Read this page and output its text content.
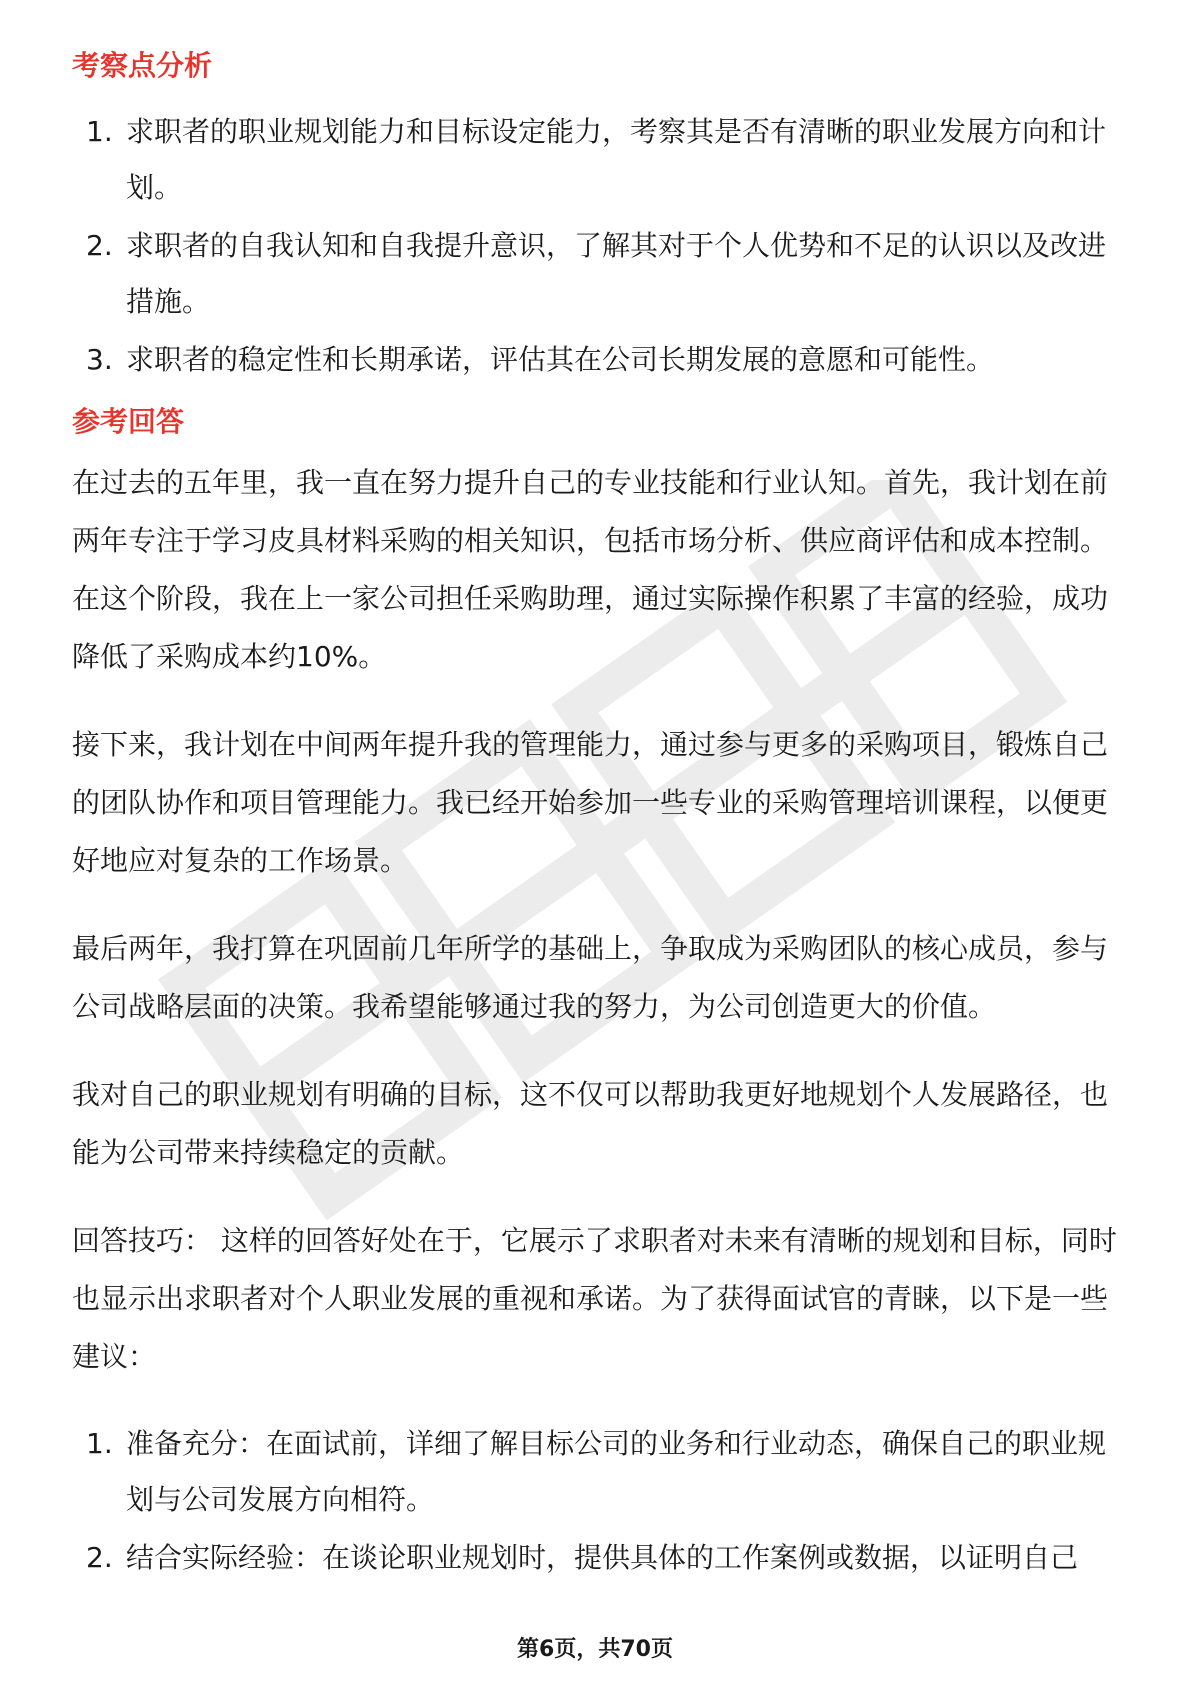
考察点分析
1. 求职者的职业规划能力和目标设定能力，考察其是否有清晰的职业发展方向和计划。
2. 求职者的自我认知和自我提升意识，了解其对于个人优势和不足的认识以及改进措施。
3. 求职者的稳定性和长期承诺，评估其在公司长期发展的意愿和可能性。
参考回答

在过去的五年里，我一直在努力提升自己的专业技能和行业认知。首先，我计划在前两年专注于学习皮具材料采购的相关知识，包括市场分析、供应商评估和成本控制。在这个阶段，我在上一家公司担任采购助理，通过实际操作积累了丰富的经验，成功降低了采购成本约10%。

接下来，我计划在中间两年提升我的管理能力，通过参与更多的采购项目，锻炼自己的团队协作和项目管理能力。我已经开始参加一些专业的采购管理培训课程，以便更好地应对复杂的工作场景。

最后两年，我打算在巩固前几年所学的基础上，争取成为采购团队的核心成员，参与公司战略层面的决策。我希望能够通过我的努力，为公司创造更大的价值。

我对自己的职业规划有明确的目标，这不仅可以帮助我更好地规划个人发展路径，也能为公司带来持续稳定的贡献。

回答技巧： 这样的回答好处在于，它展示了求职者对未来有清晰的规划和目标，同时也显示出求职者对个人职业发展的重视和承诺。为了获得面试官的青睐，以下是一些建议：

1. 准备充分：在面试前，详细了解目标公司的业务和行业动态，确保自己的职业规划与公司发展方向相符。
2. 结合实际经验：在谈论职业规划时，提供具体的工作案例或数据，以证明自己
第6页，共70页
